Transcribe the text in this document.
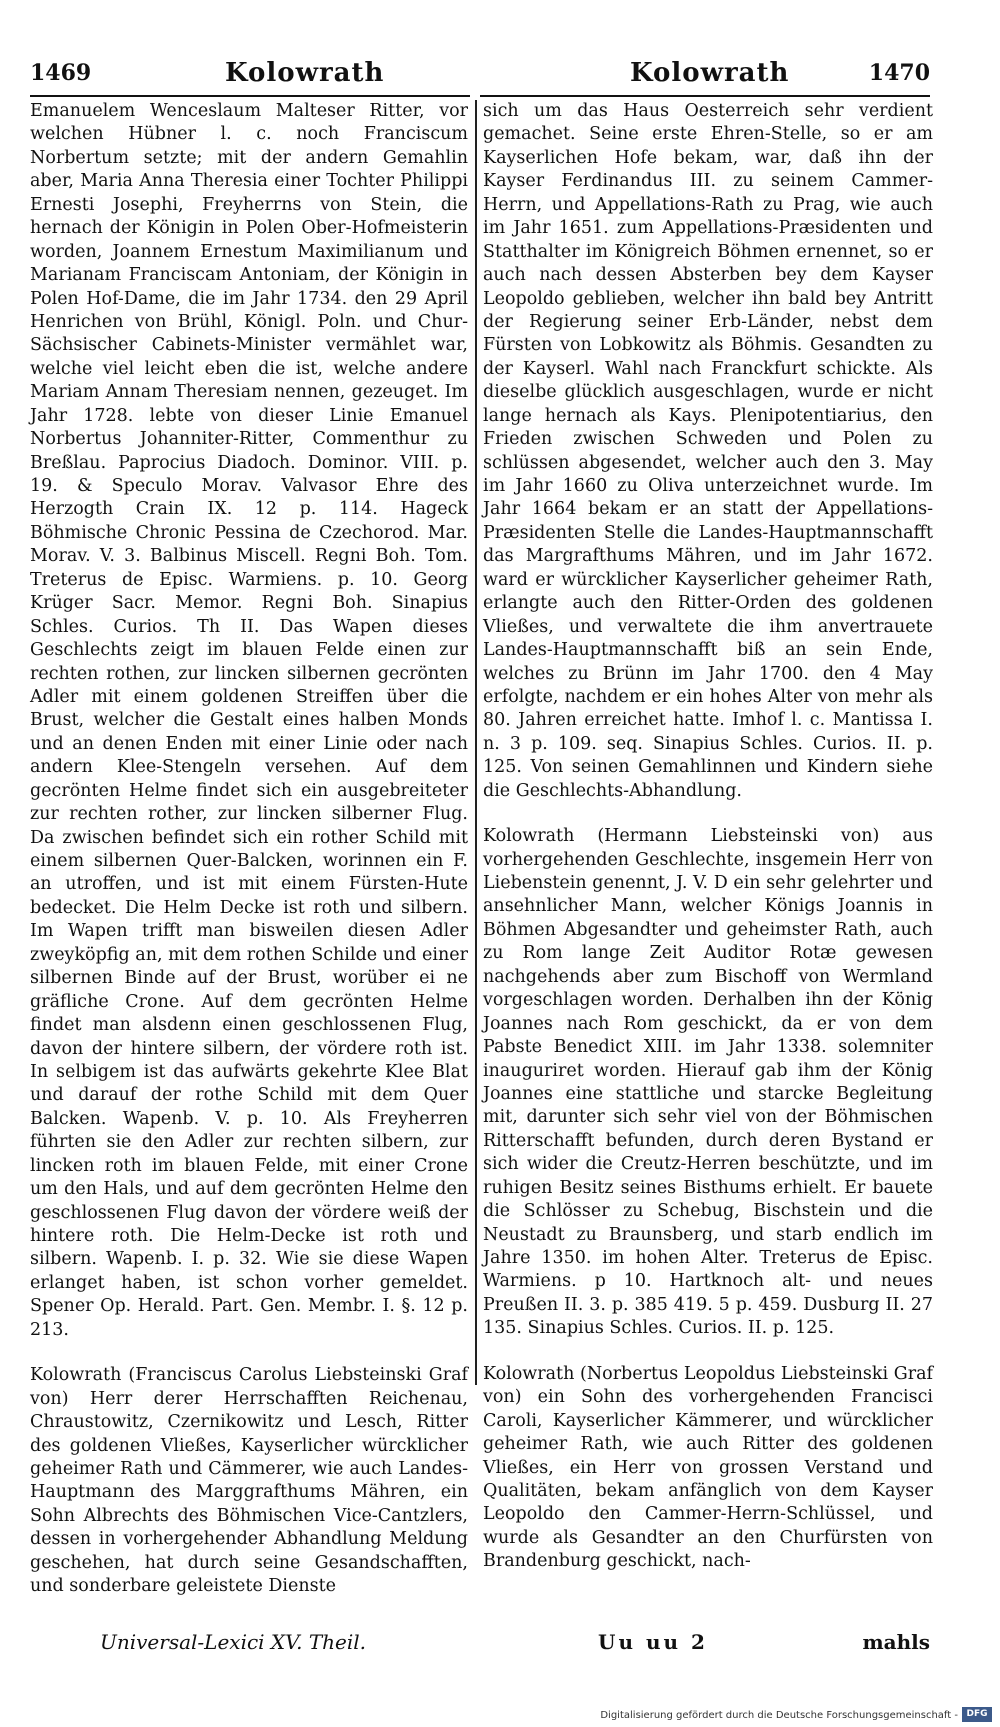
1469	Kolowrath	Kolowrath	1470

Emanuelem Wenceslaum Malteser Ritter, vor welchen Hübner l. c. noch Franciscum Norbertum setzte; mit der andern Gemahlin aber, Maria Anna Theresia einer Tochter Philippi Ernesti Josephi, Freyherrns von Stein, die hernach der Königin in Polen Ober-Hofmeisterin worden, Joannem Ernestum Maximilianum und Marianam Franciscam Antoniam, der Königin in Polen Hof-Dame, die im Jahr 1734. den 29 April Henrichen von Brühl, Königl. Poln. und Chur-Sächsischer Cabinets-Minister vermählet war, welche viel leicht eben die ist, welche andere Mariam Annam Theresiam nennen, gezeuget. Im Jahr 1728. lebte von dieser Linie Emanuel Norbertus Johanniter-Ritter, Commenthur zu Breßlau. Paprocius Diadoch. Dominor. VIII. p. 19. & Speculo Morav. Valvasor Ehre des Herzogth Crain IX. 12 p. 114. Hageck Böhmische Chronic Pessina de Czechorod. Mar. Morav. V. 3. Balbinus Miscell. Regni Boh. Tom. Treterus de Episc. Warmiens. p. 10. Georg Krüger Sacr. Memor. Regni Boh. Sinapius Schles. Curios. Th II. Das Wapen dieses Geschlechts zeigt im blauen Felde einen zur rechten rothen, zur lincken silbernen gecrönten Adler mit einem goldenen Streiffen über die Brust, welcher die Gestalt eines halben Monds und an denen Enden mit einer Linie oder nach andern Klee-Stengeln versehen. Auf dem gecrönten Helme findet sich ein ausgebreiteter zur rechten rother, zur lincken silberner Flug. Da zwischen befindet sich ein rother Schild mit einem silbernen Quer-Balcken, worinnen ein F. an utroffen, und ist mit einem Fürsten-Hute bedecket. Die Helm Decke ist roth und silbern. Im Wapen trifft man bisweilen diesen Adler zweyköpfig an, mit dem rothen Schilde und einer silbernen Binde auf der Brust, worüber ei ne gräfliche Crone. Auf dem gecrönten Helme findet man alsdenn einen geschlossenen Flug, davon der hintere silbern, der vördere roth ist. In selbigem ist das aufwärts gekehrte Klee Blat und darauf der rothe Schild mit dem Quer Balcken. Wapenb. V. p. 10. Als Freyherren führten sie den Adler zur rechten silbern, zur lincken roth im blauen Felde, mit einer Crone um den Hals, und auf dem gecrönten Helme den geschlossenen Flug davon der vördere weiß der hintere roth. Die Helm-Decke ist roth und silbern. Wapenb. I. p. 32. Wie sie diese Wapen erlanget haben, ist schon vorher gemeldet. Spener Op. Herald. Part. Gen. Membr. I. §. 12 p. 213.

Kolowrath (Franciscus Carolus Liebsteinski Graf von) Herr derer Herrschafften Reichenau, Chraustowitz, Czernikowitz und Lesch, Ritter des goldenen Vließes, Kayserlicher würcklicher geheimer Rath und Cämmerer, wie auch Landes-Hauptmann des Marggrafthums Mähren, ein Sohn Albrechts des Böhmischen Vice-Cantzlers, dessen in vorhergehender Abhandlung Meldung geschehen, hat durch seine Gesandschafften, und sonderbare geleistete Dienste

sich um das Haus Oesterreich sehr verdient gemachet. Seine erste Ehren-Stelle, so er am Kayserlichen Hofe bekam, war, daß ihn der Kayser Ferdinandus III. zu seinem Cammer-Herrn, und Appellations-Rath zu Prag, wie auch im Jahr 1651. zum Appellations-Præsidenten und Statthalter im Königreich Böhmen ernennet, so er auch nach dessen Absterben bey dem Kayser Leopoldo geblieben, welcher ihn bald bey Antritt der Regierung seiner Erb-Länder, nebst dem Fürsten von Lobkowitz als Böhmis. Gesandten zu der Kayserl. Wahl nach Franckfurt schickte. Als dieselbe glücklich ausgeschlagen, wurde er nicht lange hernach als Kays. Plenipotentiarius, den Frieden zwischen Schweden und Polen zu schlüssen abgesendet, welcher auch den 3. May im Jahr 1660 zu Oliva unterzeichnet wurde. Im Jahr 1664 bekam er an statt der Appellations-Præsidenten Stelle die Landes-Hauptmannschafft das Margrafthums Mähren, und im Jahr 1672. ward er würcklicher Kayserlicher geheimer Rath, erlangte auch den Ritter-Orden des goldenen Vließes, und verwaltete die ihm anvertrauete Landes-Hauptmannschafft biß an sein Ende, welches zu Brünn im Jahr 1700. den 4 May erfolgte, nachdem er ein hohes Alter von mehr als 80. Jahren erreichet hatte. Imhof l. c. Mantissa I. n. 3 p. 109. seq. Sinapius Schles. Curios. II. p. 125. Von seinen Gemahlinnen und Kindern siehe die Geschlechts-Abhandlung.

Kolowrath (Hermann Liebsteinski von) aus vorhergehenden Geschlechte, insgemein Herr von Liebenstein genennt, J. V. D ein sehr gelehrter und ansehnlicher Mann, welcher Königs Joannis in Böhmen Abgesandter und geheimster Rath, auch zu Rom lange Zeit Auditor Rotæ gewesen nachgehends aber zum Bischoff von Wermland vorgeschlagen worden. Derhalben ihn der König Joannes nach Rom geschickt, da er von dem Pabste Benedict XIII. im Jahr 1338. solemniter inauguriret worden. Hierauf gab ihm der König Joannes eine stattliche und starcke Begleitung mit, darunter sich sehr viel von der Böhmischen Ritterschafft befunden, durch deren Bystand er sich wider die Creutz-Herren beschützte, und im ruhigen Besitz seines Bisthums erhielt. Er bauete die Schlösser zu Schebug, Bischstein und die Neustadt zu Braunsberg, und starb endlich im Jahre 1350. im hohen Alter. Treterus de Episc. Warmiens. p 10. Hartknoch alt- und neues Preußen II. 3. p. 385 419. 5 p. 459. Dusburg II. 27 135. Sinapius Schles. Curios. II. p. 125.

Kolowrath (Norbertus Leopoldus Liebsteinski Graf von) ein Sohn des vorhergehenden Francisci Caroli, Kayserlicher Kämmerer, und würcklicher geheimer Rath, wie auch Ritter des goldenen Vließes, ein Herr von grossen Verstand und Qualitäten, bekam anfänglich von dem Kayser Leopoldo den Cammer-Herrn-Schlüssel, und wurde als Gesandter an den Churfürsten von Brandenburg geschickt, nach-

Universal-Lexici XV. Theil.	Uu uu 2	mahls
Digitalisierung gefördert durch die Deutsche Forschungsgemeinschaft - DFG
